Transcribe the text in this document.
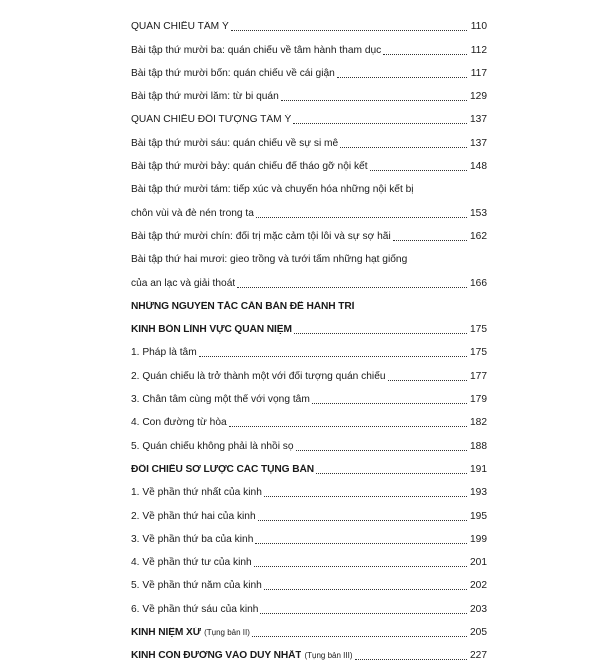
QUÁN CHIẾU TÂM Ý	110
Bài tập thứ mười ba: quán chiếu về tâm hành tham dục	112
Bài tập thứ mười bốn: quán chiếu về cái giận	117
Bài tập thứ mười lăm: từ bi quán	129
QUÁN CHIẾU ĐỐI TƯỢNG TÂM Ý	137
Bài tập thứ mười sáu: quán chiếu về sự si mê	137
Bài tập thứ mười bảy: quán chiếu để tháo gỡ nội kết	148
Bài tập thứ mười tám: tiếp xúc và chuyển hóa những nội kết bị
chôn vùi và đè nén trong ta	153
Bài tập thứ mười chín: đối trị mặc cảm tội lỗi và sự sợ hãi	162
Bài tập thứ hai mươi: gieo trồng và tưới tẩm những hạt giống
của an lạc và giải thoát	166
NHỮNG NGUYÊN TẮC CĂN BẢN ĐỂ HÀNH TRÌ
KINH BỐN LĨNH VỰC QUÁN NIỆM	175
1. Pháp là tâm	175
2. Quán chiếu là trở thành một với đối tượng quán chiếu	177
3. Chân tâm cùng một thể với vọng tâm	179
4. Con đường từ hòa	182
5. Quán chiếu không phải là nhồi sọ	188
ĐỐI CHIẾU SƠ LƯỢC CÁC TỤNG BẢN	191
1. Về phần thứ nhất của kinh	193
2. Về phần thứ hai của kinh	195
3. Về phần thứ ba của kinh	199
4. Về phần thứ tư của kinh	201
5. Về phần thứ năm của kinh	202
6. Về phần thứ sáu của kinh	203
KINH NIỆM XỨ (Tụng bản II)	205
KINH CON ĐƯỜNG VÀO DUY NHẤT (Tụng bản III)	227
